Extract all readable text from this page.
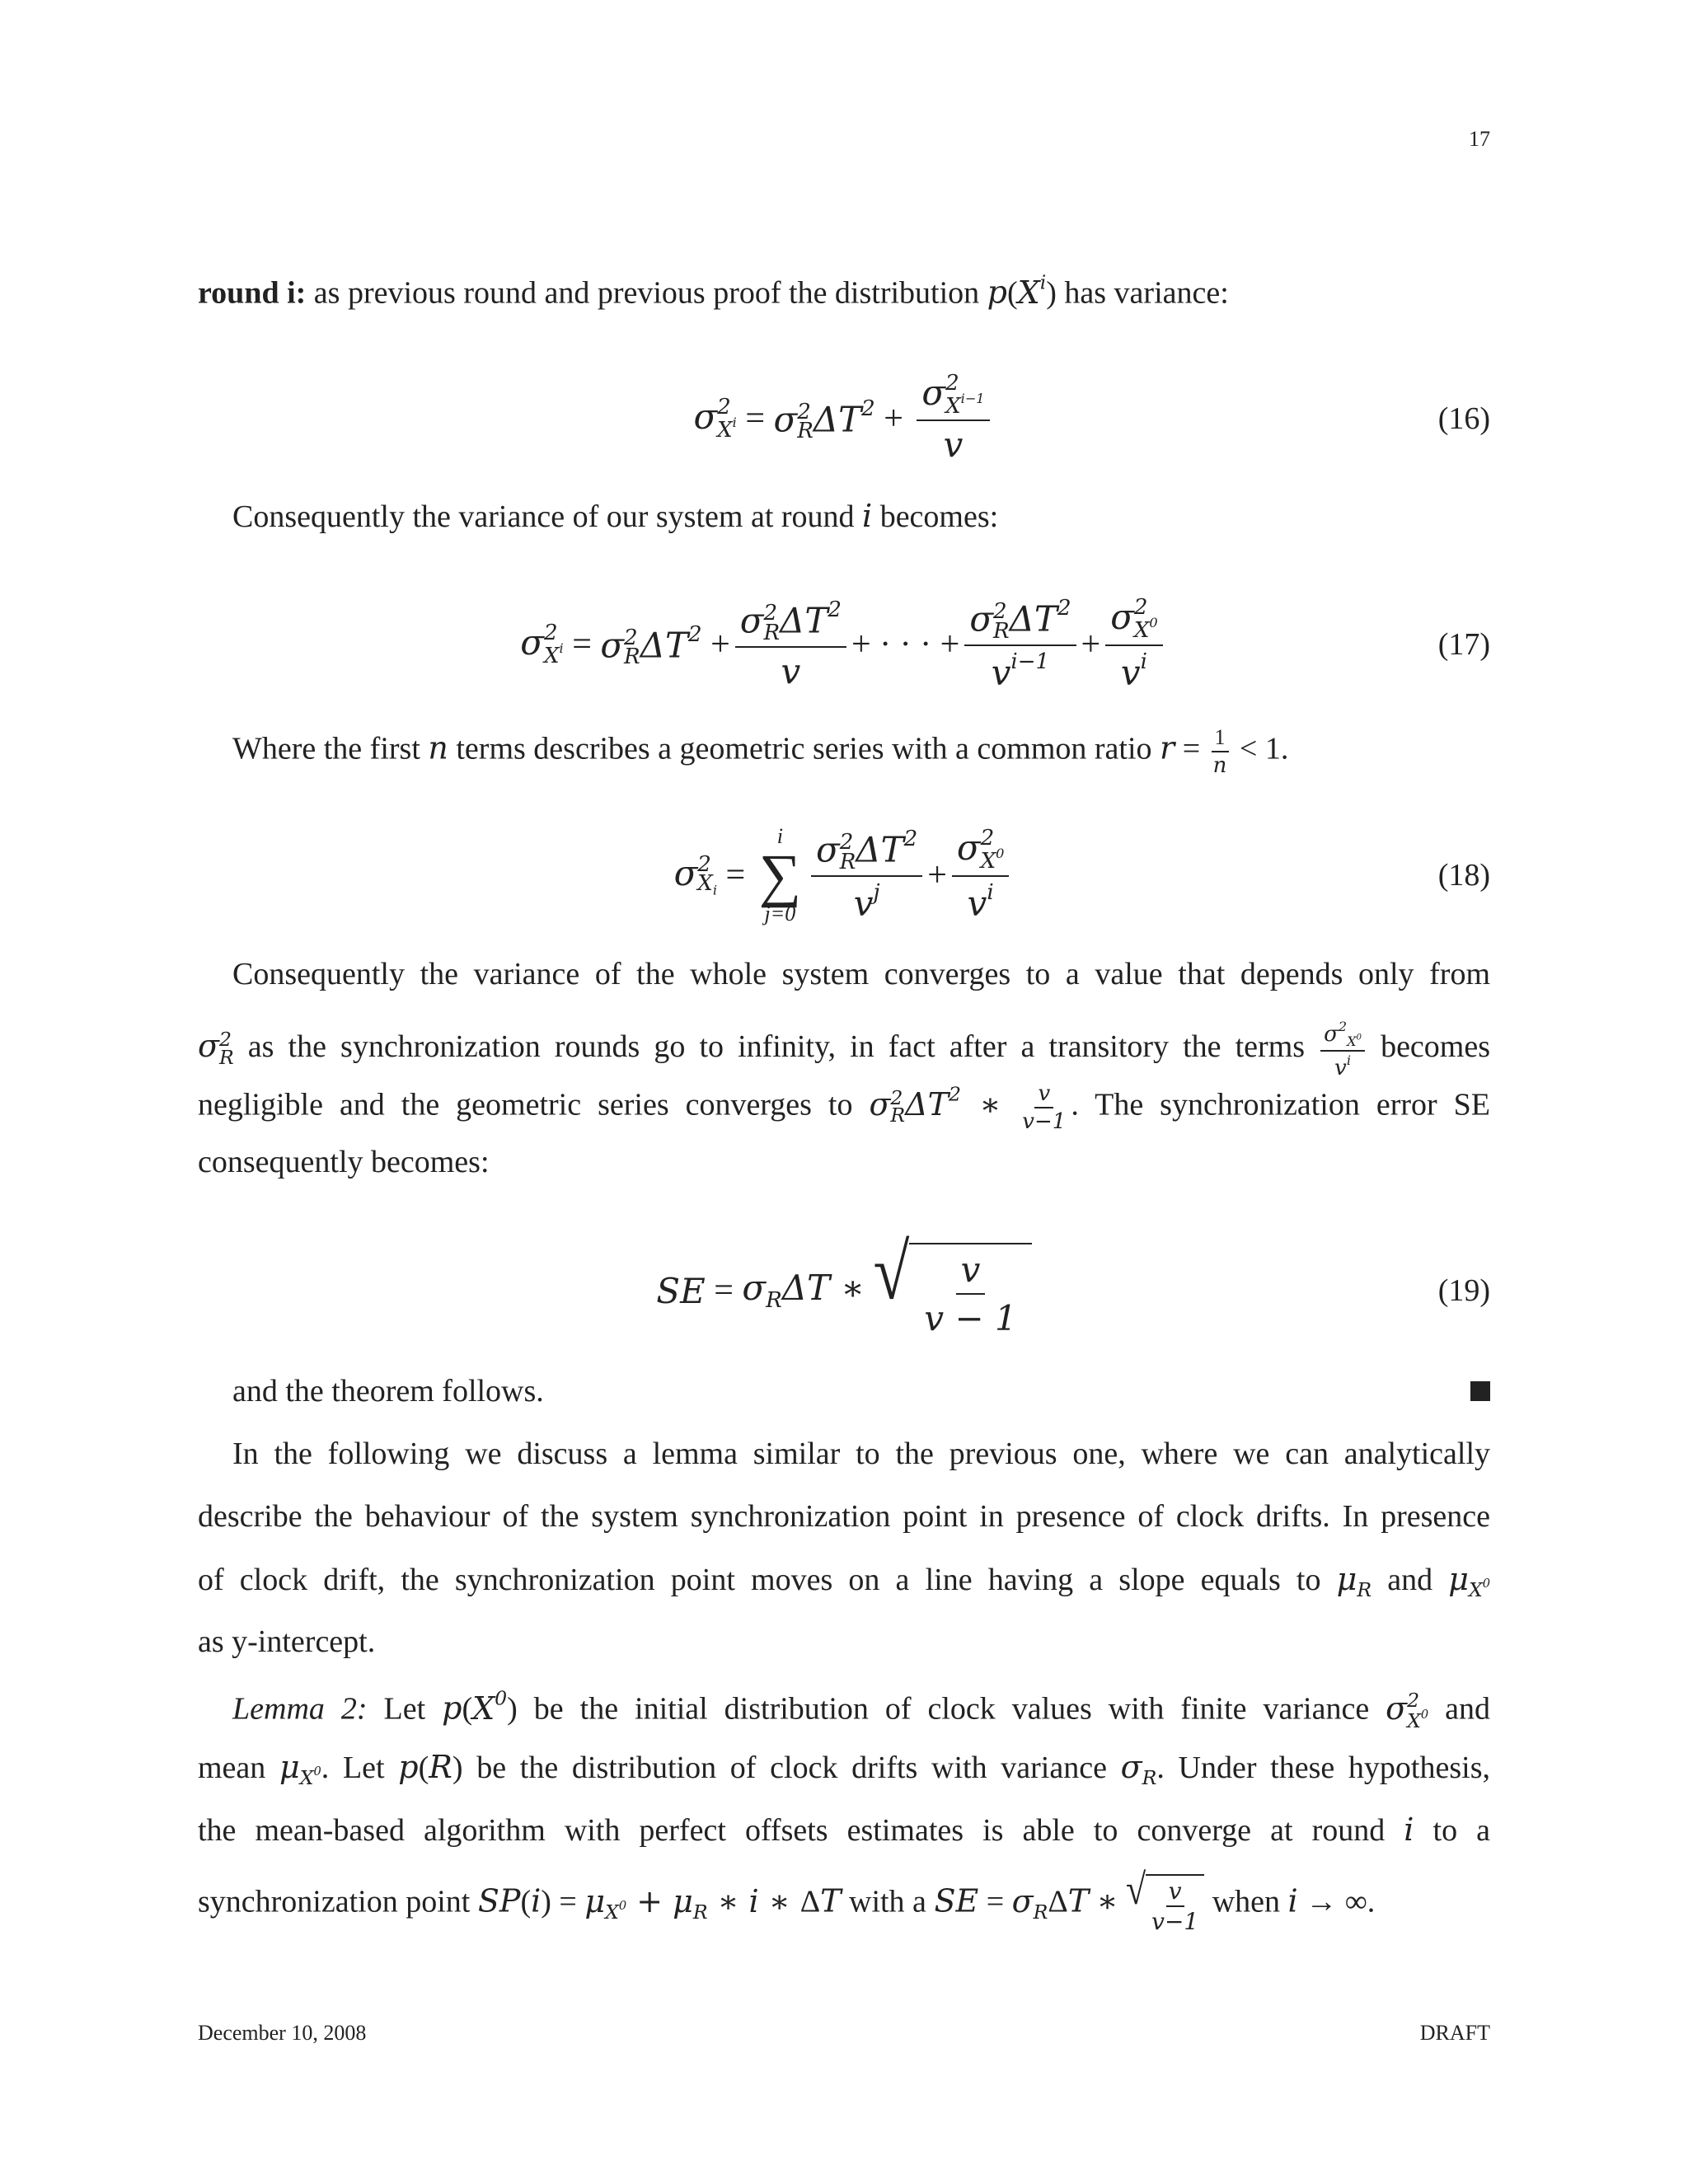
17
round i: as previous round and previous proof the distribution $p(X^i)$ has variance:
σ 2
$X^i = \sigma$ 2
R $\Delta T^2 + \sigma$ 2
$X^{i-1}$
v	(16)
Consequently the variance of our system at round i becomes:
σ 2
$X^i = \sigma$ 2
R $\Delta T^2 + \sigma$ 2
R $\Delta T^2$
v + · · · + σ 2
R $\Delta T^2$
$v^{i-1} + \sigma$ 2
$X^0$
$v^i$	(17)
Where the first n terms describes a geometric series with a common ratio $r = \frac{1}{n} < 1$.
σ 2
$X_i$ =
i
∑
j=0 σ 2
R $\Delta T^2$
$v^j + \sigma$ 2
$X^0$
$v^i$	(18)
Consequently the variance of the whole system converges to a value that depends only from
σ 2
R as the synchronization rounds go to infinity, in fact after a transitory the terms $\frac{\sigma^2_{X^0}}{v^i}$ becomes
negligible and the geometric series converges to σ 2
R $\Delta T^2$ ∗ $\frac{v}{v-1}$ . The synchronization error SE
consequently becomes:
SE = $\sigma_R\Delta T$ ∗
√ $\frac{v}{v - 1}$	(19)
and the theorem follows.
In the following we discuss a lemma similar to the previous one, where we can analytically
describe the behaviour of the system synchronization point in presence of clock drifts. In presence
of clock drift, the synchronization point moves on a line having a slope equals to $\mu_R$ and $\mu_{X^0}$
as y-intercept.
Lemma 2: Let $p(X^0)$ be the initial distribution of clock values with finite variance σ 2
$X^0$ and
mean $\mu_{X^0}$. Let p(R) be the distribution of clock drifts with variance $\sigma_R$. Under these hypothesis,
the mean-based algorithm with perfect offsets estimates is able to converge at round i to a
synchronization point $SP(i) = \mu_{X^0} + \mu_R$ ∗ i ∗ ΔT with a SE = $\sigma_R\Delta T$ ∗ √ $\frac{v}{v-1}$ when i → ∞.
December 10, 2008	DRAFT
